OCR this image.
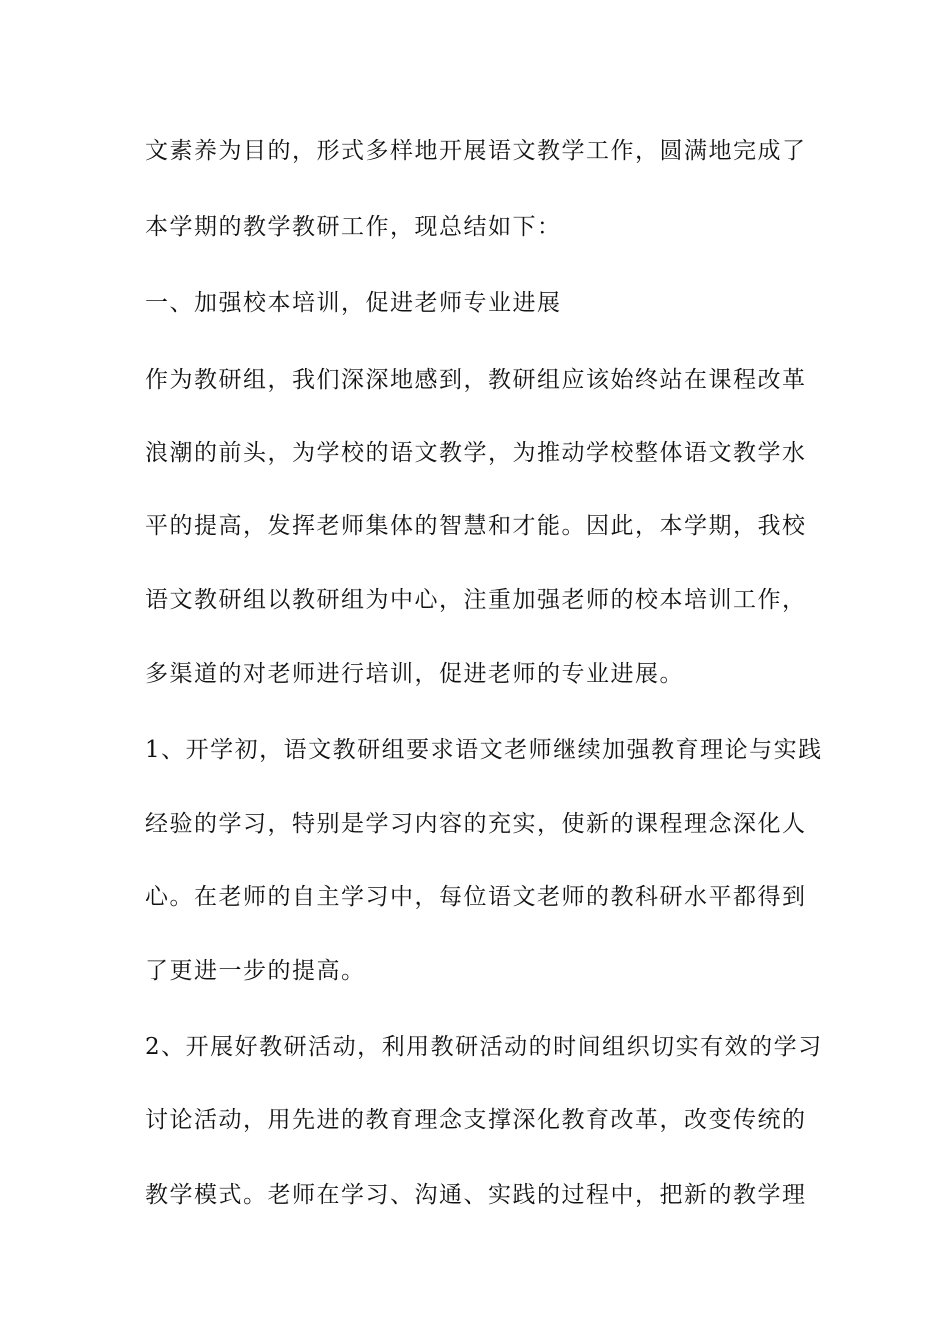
文素养为目的，形式多样地开展语文教学工作，圆满地完成了
本学期的教学教研工作，现总结如下：
一、加强校本培训，促进老师专业进展
作为教研组，我们深深地感到，教研组应该始终站在课程改革
浪潮的前头，为学校的语文教学，为推动学校整体语文教学水
平的提高，发挥老师集体的智慧和才能。因此，本学期，我校
语文教研组以教研组为中心，注重加强老师的校本培训工作，
多渠道的对老师进行培训，促进老师的专业进展。
1、开学初，语文教研组要求语文老师继续加强教育理论与实践
经验的学习，特别是学习内容的充实，使新的课程理念深化人
心。在老师的自主学习中，每位语文老师的教科研水平都得到
了更进一步的提高。
2、开展好教研活动，利用教研活动的时间组织切实有效的学习
讨论活动，用先进的教育理念支撑深化教育改革，改变传统的
教学模式。老师在学习、沟通、实践的过程中，把新的教学理
